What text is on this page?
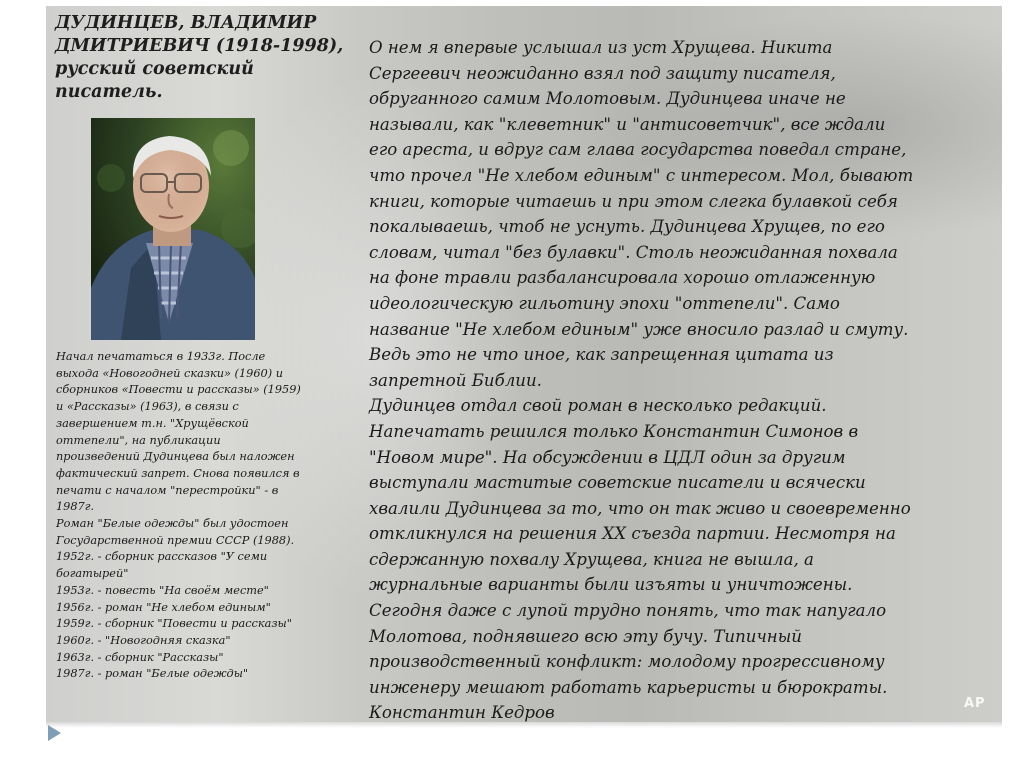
ДУДИНЦЕВ, ВЛАДИМИР
ДМИТРИЕВИЧ (1918-1998),
русский советский
писатель.
Начал печататься в 1933г. После
выхода «Новогодней сказки» (1960) и
сборников «Повести и рассказы» (1959)
и «Рассказы» (1963), в связи с
завершением т.н. "Хрущёвской
оттепели", на публикации
произведений Дудинцева был наложен
фактический запрет. Снова появился в
печати с началом "перестройки" - в
1987г.
Роман "Белые одежды" был удостоен
Государственной премии СССР (1988).
1952г. - сборник рассказов "У семи
богатырей"
1953г. - повесть "На своём месте"
1956г. - роман "Не хлебом единым"
1959г. - сборник "Повести и рассказы"
1960г. - "Новогодняя сказка"
1963г. - сборник "Рассказы"
1987г. - роман "Белые одежды"
О нем я впервые услышал из уст Хрущева. Никита
Сергеевич неожиданно взял под защиту писателя,
обруганного самим Молотовым. Дудинцева иначе не
называли, как "клеветник" и "антисоветчик", все ждали
его ареста, и вдруг сам глава государства поведал стране,
что прочел "Не хлебом единым" с интересом. Мол, бывают
книги, которые читаешь и при этом слегка булавкой себя
покалываешь, чтоб не уснуть. Дудинцева Хрущев, по его
словам, читал "без булавки". Столь неожиданная похвала
на фоне травли разбалансировала хорошо отлаженную
идеологическую гильотину эпохи "оттепели". Само
название "Не хлебом единым" уже вносило разлад и смуту.
Ведь это не что иное, как запрещенная цитата из
запретной Библии.
Дудинцев отдал свой роман в несколько редакций.
Напечатать решился только Константин Симонов в
"Новом мире". На обсуждении в ЦДЛ один за другим
выступали маститые советские писатели и всячески
хвалили Дудинцева за то, что он так живо и своевременно
откликнулся на решения XX съезда партии. Несмотря на
сдержанную похвалу Хрущева, книга не вышла, а
журнальные варианты были изъяты и уничтожены.
Сегодня даже с лупой трудно понять, что так напугало
Молотова, поднявшего всю эту бучу. Типичный
производственный конфликт: молодому прогрессивному
инженеру мешают работать карьеристы и бюрократы.
Константин Кедров	AP
